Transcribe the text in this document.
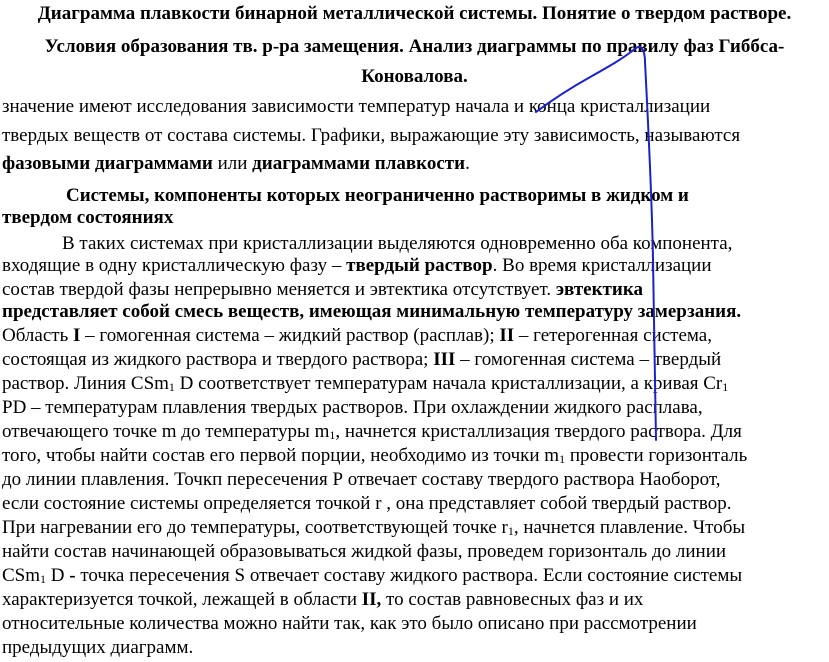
Диаграмма плавкости бинарной металлической системы. Понятие о твердом растворе.
Условия образования тв. р-ра замещения. Анализ диаграммы по правилу фаз Гиббса-
Коновалова.
значение имеют исследования зависимости температур начала и конца кристаллизации
твердых веществ от состава системы. Графики, выражающие эту зависимость, называются
фазовыми диаграммами или диаграммами плавкости.
Системы, компоненты которых неограниченно растворимы в жидком и
твердом состояниях
В таких системах при кристаллизации выделяются одновременно оба компонента,
входящие в одну кристаллическую фазу – твердый раствор. Во время кристаллизации
состав твердой фазы непрерывно меняется и эвтектика отсутствует. эвтектика
представляет собой смесь веществ, имеющая минимальную температуру замерзания.
Область I – гомогенная система – жидкий раствор (расплав); II – гетерогенная система,
состоящая из жидкого раствора и твердого раствора; III – гомогенная система – твердый
раствор. Линия CSm$_1$ D соответствует температурам начала кристаллизации, а кривая $Cr_1$
PD – температурам плавления твердых растворов. При охлаждении жидкого расплава,
отвечающего точке m до температуры $m_1$, начнется кристаллизация твердого раствора. Для
того, чтобы найти состав его первой порции, необходимо из точки $m_1$ провести горизонталь
до линии плавления. Точкп пересечения Р отвечает составу твердого раствора Наоборот,
если состояние системы определяется точкой r , она представляет собой твердый раствор.
При нагревании его до температуры, соответствующей точке $r_1$, начнется плавление. Чтобы
найти состав начинающей образовываться жидкой фазы, проведем горизонталь до линии
CSm$_1$ D - точка пересечения S отвечает составу жидкого раствора. Если состояние системы
характеризуется точкой, лежащей в области II, то состав равновесных фаз и их
относительные количества можно найти так, как это было описано при рассмотрении
предыдущих диаграмм.
